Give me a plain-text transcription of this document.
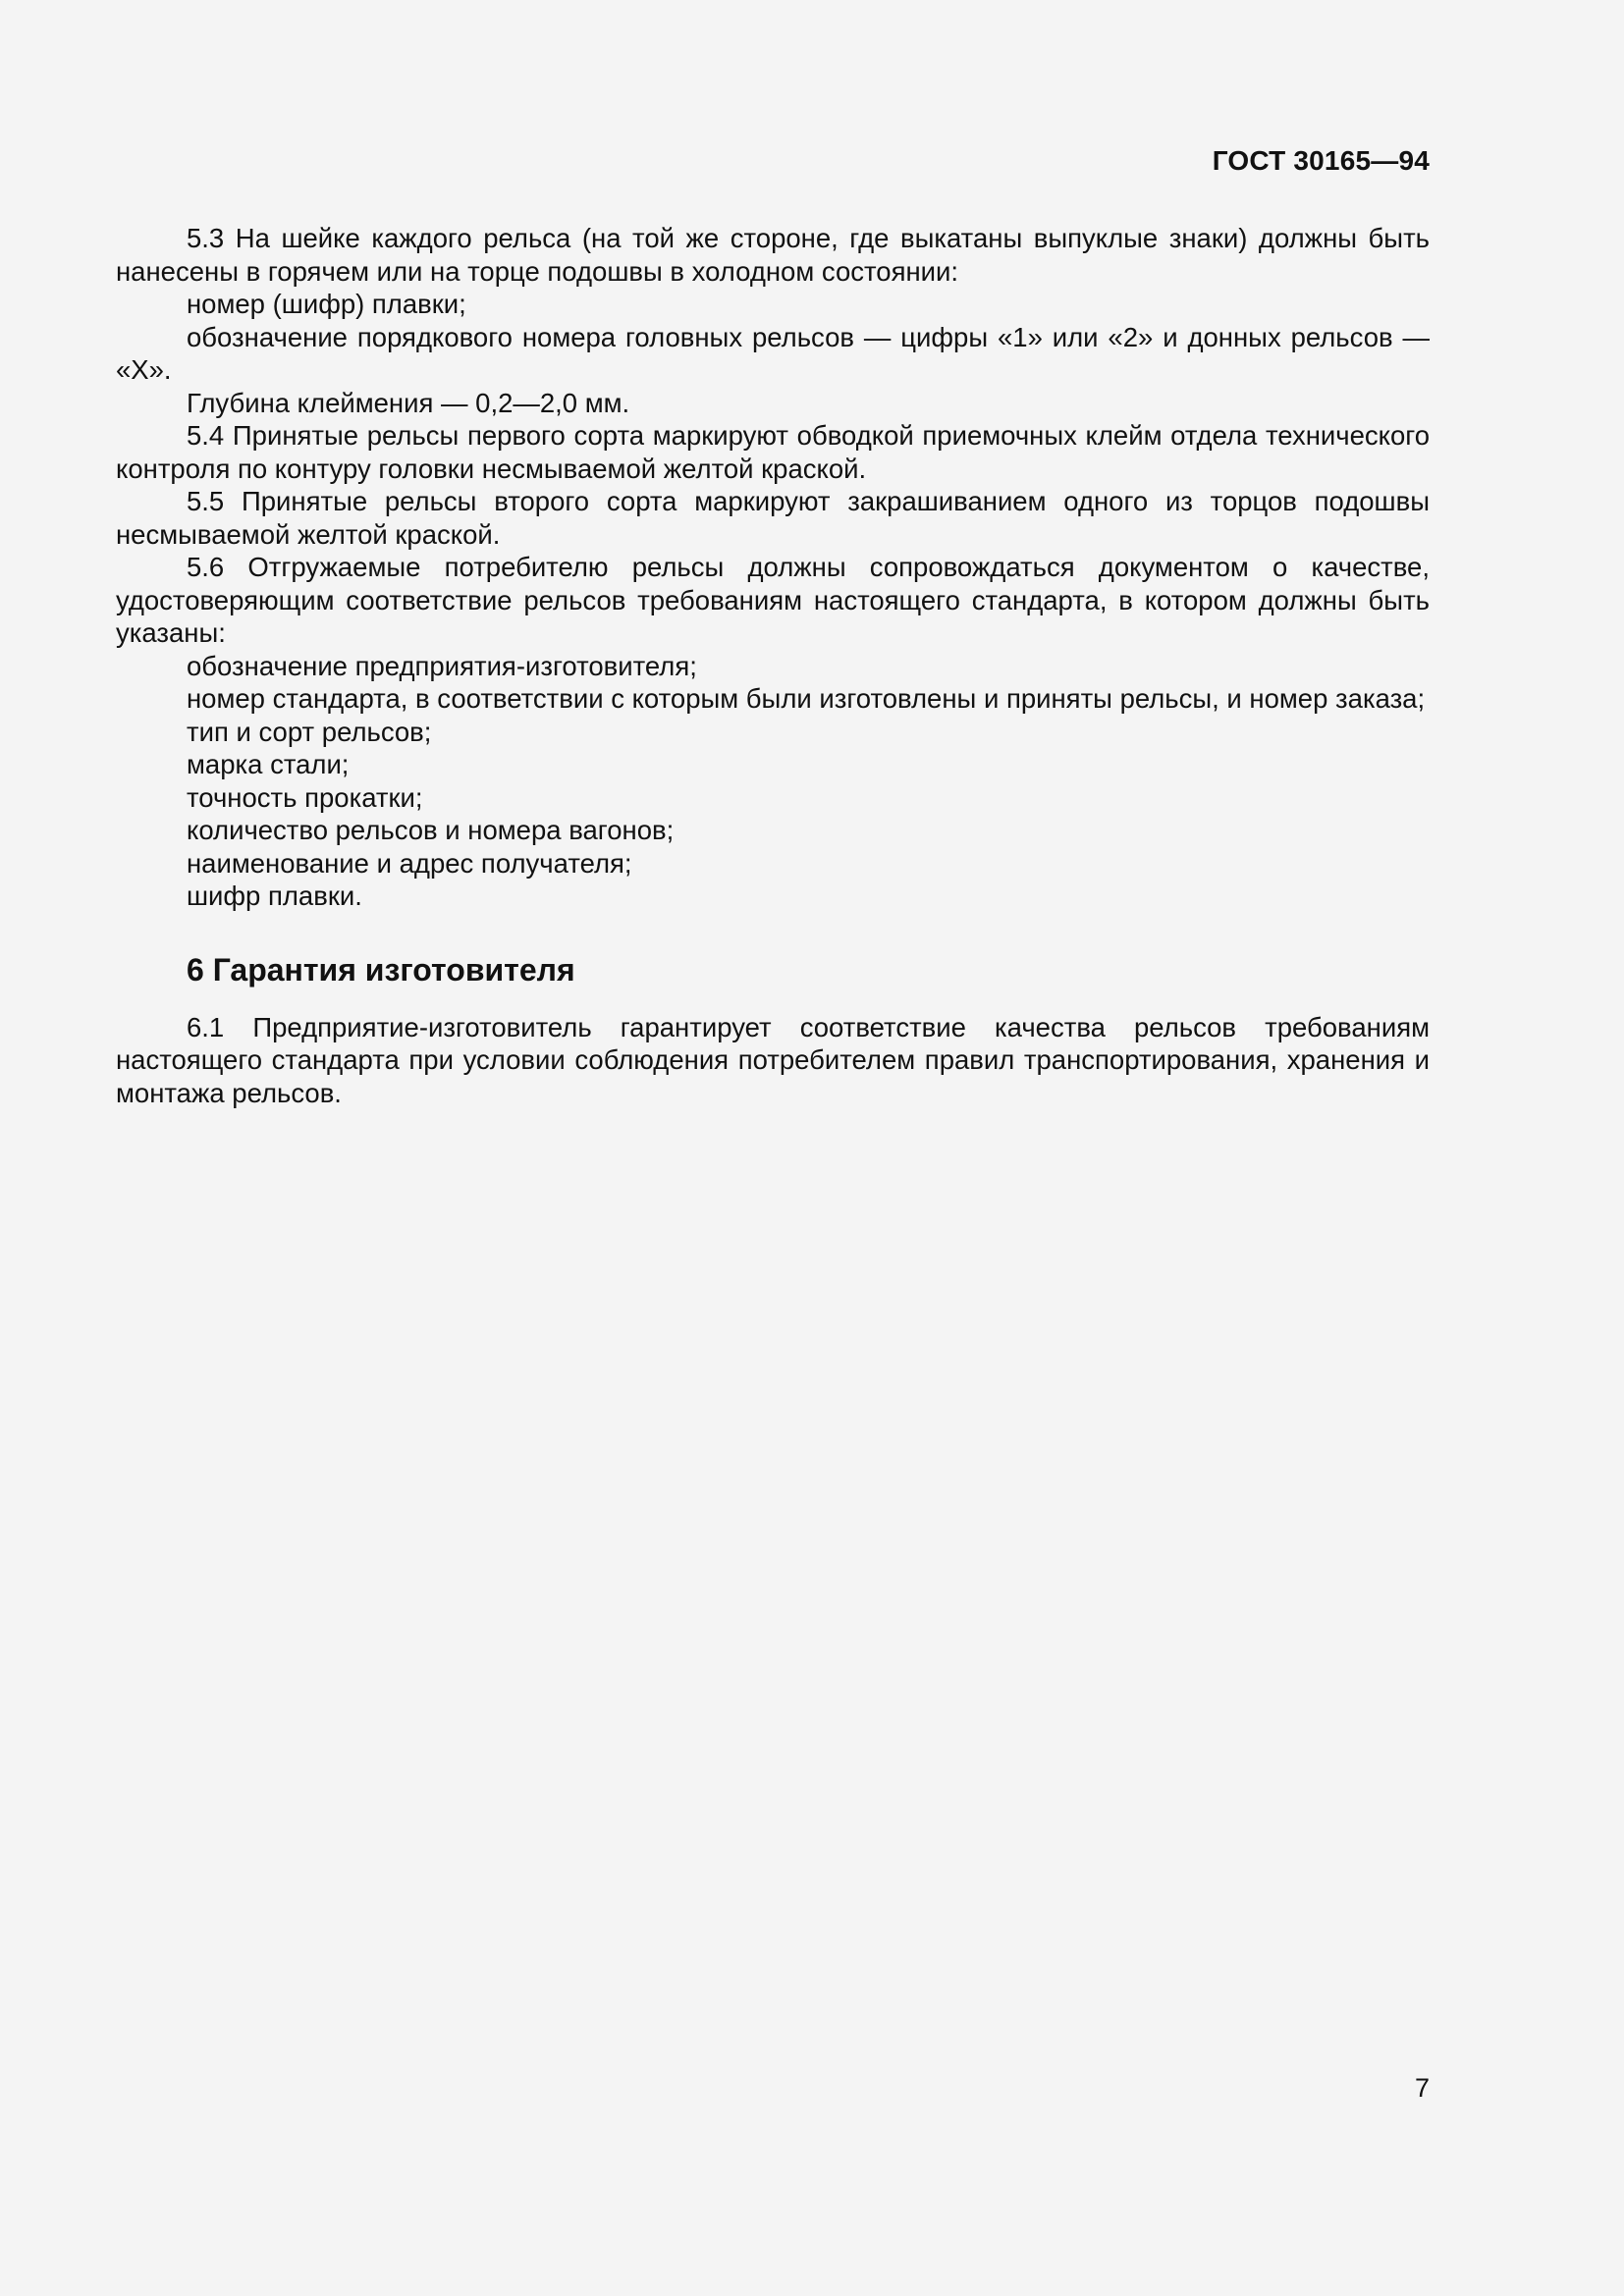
ГОСТ 30165—94

5.3 На шейке каждого рельса (на той же стороне, где выкатаны выпуклые знаки) должны быть нанесены в горячем или на торце подошвы в холодном состоянии:

номер (шифр) плавки;

обозначение порядкового номера головных рельсов — цифры «1» или «2» и донных рельсов — «X».

Глубина клеймения — 0,2—2,0 мм.

5.4 Принятые рельсы первого сорта маркируют обводкой приемочных клейм отдела технического контроля по контуру головки несмываемой желтой краской.

5.5 Принятые рельсы второго сорта маркируют закрашиванием одного из торцов подошвы несмываемой желтой краской.

5.6 Отгружаемые потребителю рельсы должны сопровождаться документом о качестве, удостоверяющим соответствие рельсов требованиям настоящего стандарта, в котором должны быть указаны:

обозначение предприятия-изготовителя;

номер стандарта, в соответствии с которым были изготовлены и приняты рельсы, и номер заказа;

тип и сорт рельсов;

марка стали;

точность прокатки;

количество рельсов и номера вагонов;

наименование и адрес получателя;

шифр плавки.

6 Гарантия изготовителя

6.1 Предприятие-изготовитель гарантирует соответствие качества рельсов требованиям настоящего стандарта при условии соблюдения потребителем правил транспортирования, хранения и монтажа рельсов.

7
